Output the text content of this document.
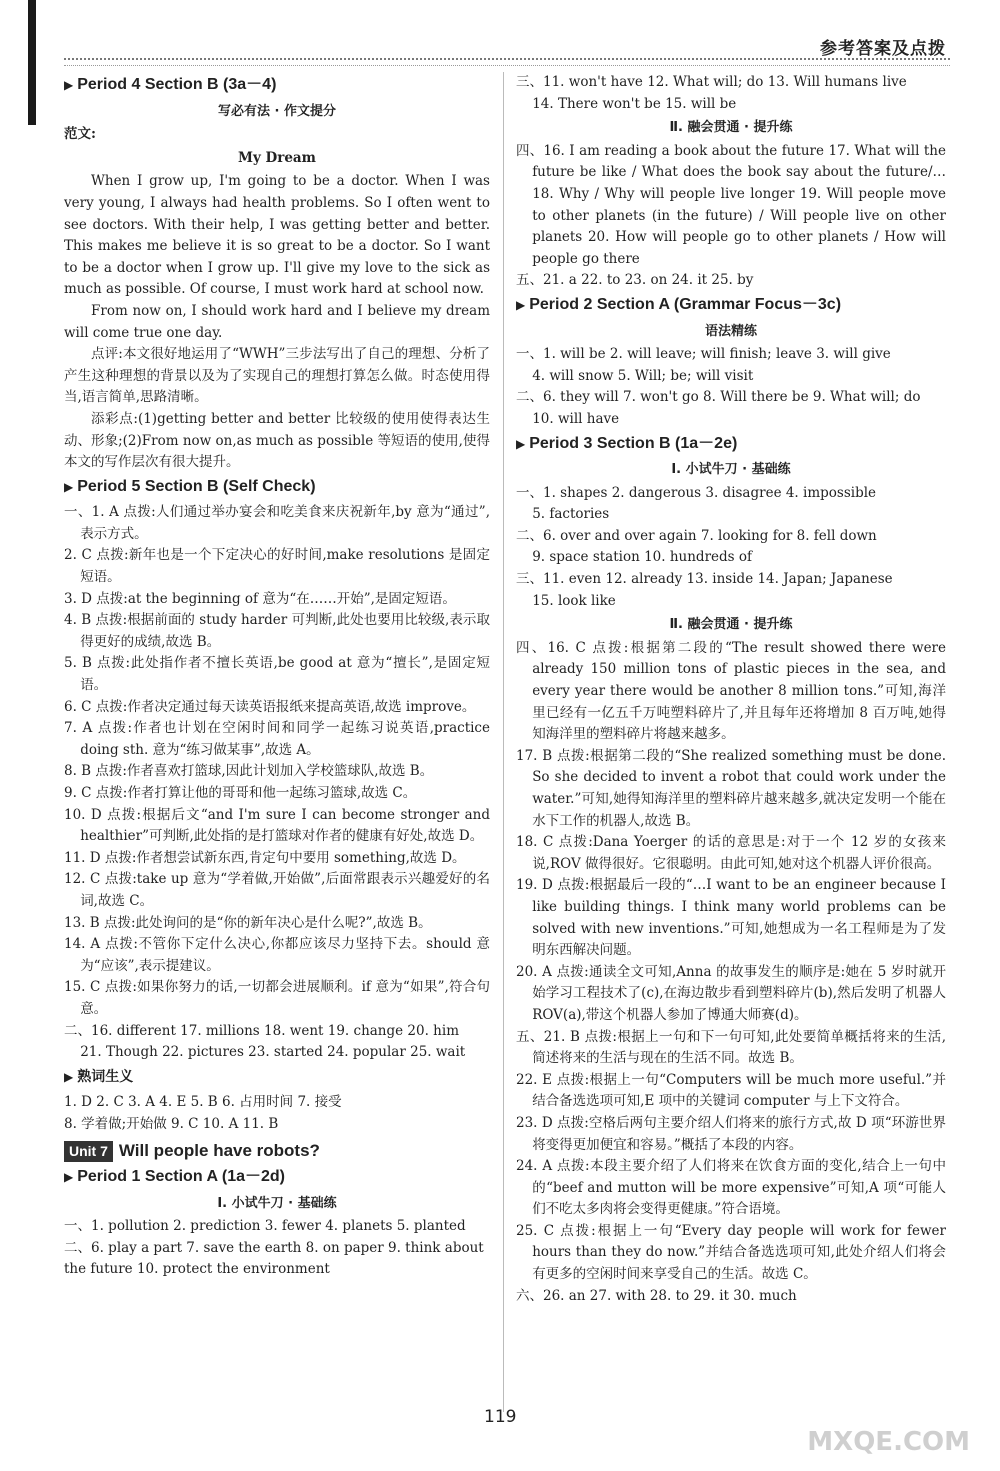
参考答案及点拨
▶ Period 4 Section B (3a－4)
写必有法 · 作文提分
范文:
My Dream

When I grow up, I'm going to be a doctor. When I was very young, I always had health problems. So I often went to see doctors. With their help, I was getting better and better. This makes me believe it is so great to be a doctor. So I want to be a doctor when I grow up. I'll give my love to the sick as much as possible. Of course, I must work hard at school now.

From now on, I should work hard and I believe my dream will come true one day.

点评:本文很好地运用了“WWH”三步法写出了自己的理想、分析了产生这种理想的背景以及为了实现自己的理想打算怎么做。时态使用得当,语言简单,思路清晰。

添彩点:(1)getting better and better 比较级的使用使得表达生动、形象;(2)From now on,as much as possible 等短语的使用,使得本文的写作层次有很大提升。

▶ Period 5 Section B (Self Check)

一、1. A 点拨:人们通过举办宴会和吃美食来庆祝新年,by 意为“通过”,表示方式。

2. C 点拨:新年也是一个下定决心的好时间,make resolutions 是固定短语。

3. D 点拨:at the beginning of 意为“在……开始”,是固定短语。

4. B 点拨:根据前面的 study harder 可判断,此处也要用比较级,表示取得更好的成绩,故选 B。

5. B 点拨:此处指作者不擅长英语,be good at 意为“擅长”,是固定短语。

6. C 点拨:作者决定通过每天读英语报纸来提高英语,故选 improve。

7. A 点拨:作者也计划在空闲时间和同学一起练习说英语,practice doing sth. 意为“练习做某事”,故选 A。

8. B 点拨:作者喜欢打篮球,因此计划加入学校篮球队,故选 B。

9. C 点拨:作者打算让他的哥哥和他一起练习篮球,故选 C。

10. D 点拨:根据后文“and I'm sure I can become stronger and healthier”可判断,此处指的是打篮球对作者的健康有好处,故选 D。

11. D 点拨:作者想尝试新东西,肯定句中要用 something,故选 D。

12. C 点拨:take up 意为“学着做,开始做”,后面常跟表示兴趣爱好的名词,故选 C。

13. B 点拨:此处询问的是“你的新年决心是什么呢?”,故选 B。

14. A 点拨:不管你下定什么决心,你都应该尽力坚持下去。should 意为“应该”,表示提建议。

15. C 点拨:如果你努力的话,一切都会进展顺利。if 意为“如果”,符合句意。

二、16. different 17. millions 18. went 19. change 20. him

21. Though 22. pictures 23. started 24. popular 25. wait

▶ 熟词生义

1. D 2. C 3. A 4. E 5. B 6. 占用时间 7. 接受

8. 学着做;开始做 9. C 10. A 11. B

Unit 7 Will people have robots?
▶ Period 1 Section A (1a－2d)
Ⅰ. 小试牛刀 · 基础练

一、1. pollution 2. prediction 3. fewer 4. planets 5. planted

二、6. play a part 7. save the earth 8. on paper 9. think about

the future 10. protect the environment

三、11. won't have 12. What will; do 13. Will humans live

14. There won't be 15. will be

Ⅱ. 融会贯通 · 提升练

四、16. I am reading a book about the future 17. What will the future be like / What does the book say about the future/… 18. Why / Why will people live longer 19. Will people move to other planets (in the future) / Will people live on other planets 20. How will people go to other planets / How will people go there

五、21. a 22. to 23. on 24. it 25. by

▶ Period 2 Section A (Grammar Focus－3c)
语法精练

一、1. will be 2. will leave; will finish; leave 3. will give

4. will snow 5. Will; be; will visit

二、6. they will 7. won't go 8. Will there be 9. What will; do

10. will have

▶ Period 3 Section B (1a－2e)
Ⅰ. 小试牛刀 · 基础练

一、1. shapes 2. dangerous 3. disagree 4. impossible

5. factories

二、6. over and over again 7. looking for 8. fell down

9. space station 10. hundreds of

三、11. even 12. already 13. inside 14. Japan; Japanese

15. look like

Ⅱ. 融会贯通 · 提升练

四、16. C 点拨:根据第二段的“The result showed there were already 150 million tons of plastic pieces in the sea, and every year there would be another 8 million tons.”可知,海洋里已经有一亿五千万吨塑料碎片了,并且每年还将增加 8 百万吨,她得知海洋里的塑料碎片将越来越多。

17. B 点拨:根据第二段的“She realized something must be done. So she decided to invent a robot that could work under the water.”可知,她得知海洋里的塑料碎片越来越多,就决定发明一个能在水下工作的机器人,故选 B。

18. C 点拨:Dana Yoerger 的话的意思是:对于一个 12 岁的女孩来说,ROV 做得很好。它很聪明。由此可知,她对这个机器人评价很高。

19. D 点拨:根据最后一段的“…I want to be an engineer because I like building things. I think many world problems can be solved with new inventions.”可知,她想成为一名工程师是为了发明东西解决问题。

20. A 点拨:通读全文可知,Anna 的故事发生的顺序是:她在 5 岁时就开始学习工程技术了(c),在海边散步看到塑料碎片(b),然后发明了机器人 ROV(a),带这个机器人参加了博通大师赛(d)。

五、21. B 点拨:根据上一句和下一句可知,此处要简单概括将来的生活,简述将来的生活与现在的生活不同。故选 B。

22. E 点拨:根据上一句“Computers will be much more useful.”并结合备选选项可知,E 项中的关键词 computer 与上下文符合。

23. D 点拨:空格后两句主要介绍人们将来的旅行方式,故 D 项“环游世界将变得更加便宜和容易。”概括了本段的内容。

24. A 点拨:本段主要介绍了人们将来在饮食方面的变化,结合上一句中的“beef and mutton will be more expensive”可知,A 项“可能人们不吃太多肉将会变得更健康。”符合语境。

25. C 点拨:根据上一句“Every day people will work for fewer hours than they do now.”并结合备选选项可知,此处介绍人们将会有更多的空闲时间来享受自己的生活。故选 C。

六、26. an 27. with 28. to 29. it 30. much

119
MXQE.COM
